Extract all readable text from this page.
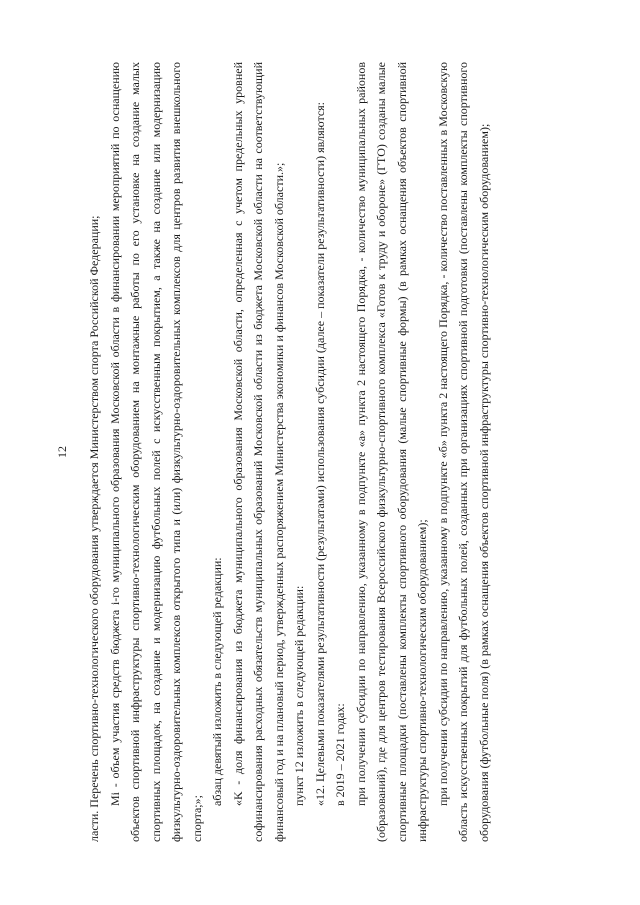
12 ласти. Перечень спортивно-технологического оборудования утверждается Министерством спорта Российской Федерации; Mi - объем участия средств бюджета i-го муниципального образования Московской области в финансировании мероприятий по оснащению объектов спортивной инфраструктуры спортивно-технологическим оборудованием на монтажные работы по его установке на создание малых спортивных площадок, на создание и модернизацию футбольных полей с искусственным покрытием, а также на создание или модернизацию физкультурно-оздоровительных комплексов открытого типа и (или) физкультурно-оздоровительных комплексов для центров развития внешкольного спорта;»;

абзац девятый изложить в следующей редакции: «K - доля финансирования из бюджета муниципального образования Московской области, определенная с учетом предельных уровней софинансирования расходных обязательств муниципальных образований Московской области из бюджета Московской области на соответствующий финансовый год и на плановый период, утвержденных распоряжением Министерства экономики и финансов Московской области.»; пункт 12 изложить в следующей редакции: «12. Целевыми показателями результативности (результатами) использования субсидии (далее – показатели результативности) являются: в 2019 – 2021 годах: при получении субсидии по направлению, указанному в подпункте «а» пункта 2 настоящего Порядка, - количество муниципальных районов (образований), где для центров тестирования Всероссийского физкультурно-спортивного комплекса «Готов к труду и обороне» (ГТО) созданы малые спортивные площадки (поставлены комплекты спортивного оборудования (малые спортивные формы) (в рамках оснащения объектов спортивной инфраструктуры спортивно-технологическим оборудованием); при получении субсидии по направлению, указанному в подпункте «б» пункта 2 настоящего Порядка, - количество поставленных в Московскую область искусственных покрытий для футбольных полей, созданных при организациях спортивной подготовки (поставлены комплекты спортивного оборудования (футбольные поля) (в рамках оснащения объектов спортивной инфраструктуры спортивно-технологическим оборудованием);
